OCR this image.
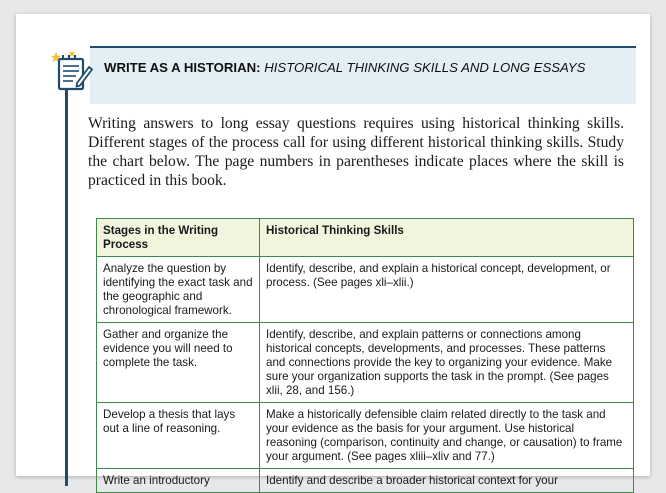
WRITE AS A HISTORIAN: HISTORICAL THINKING SKILLS AND LONG ESSAYS

Writing answers to long essay questions requires using historical thinking skills. Different stages of the process call for using different historical thinking skills. Study the chart below. The page numbers in parentheses indicate places where the skill is practiced in this book.

Stages in the Writing Process	Historical Thinking Skills
Analyze the question by identifying the exact task and the geographic and chronological framework.	Identify, describe, and explain a historical concept, development, or process. (See pages xli–xlii.)
Gather and organize the evidence you will need to complete the task.	Identify, describe, and explain patterns or connections among historical concepts, developments, and processes. These patterns and connections provide the key to organizing your evidence. Make sure your organization supports the task in the prompt. (See pages xlii, 28, and 156.)
Develop a thesis that lays out a line of reasoning.	Make a historically defensible claim related directly to the task and your evidence as the basis for your argument. Use historical reasoning (comparison, continuity and change, or causation) to frame your argument. (See pages xliii–xliv and 77.)
Write an introductory	Identify and describe a broader historical context for your
